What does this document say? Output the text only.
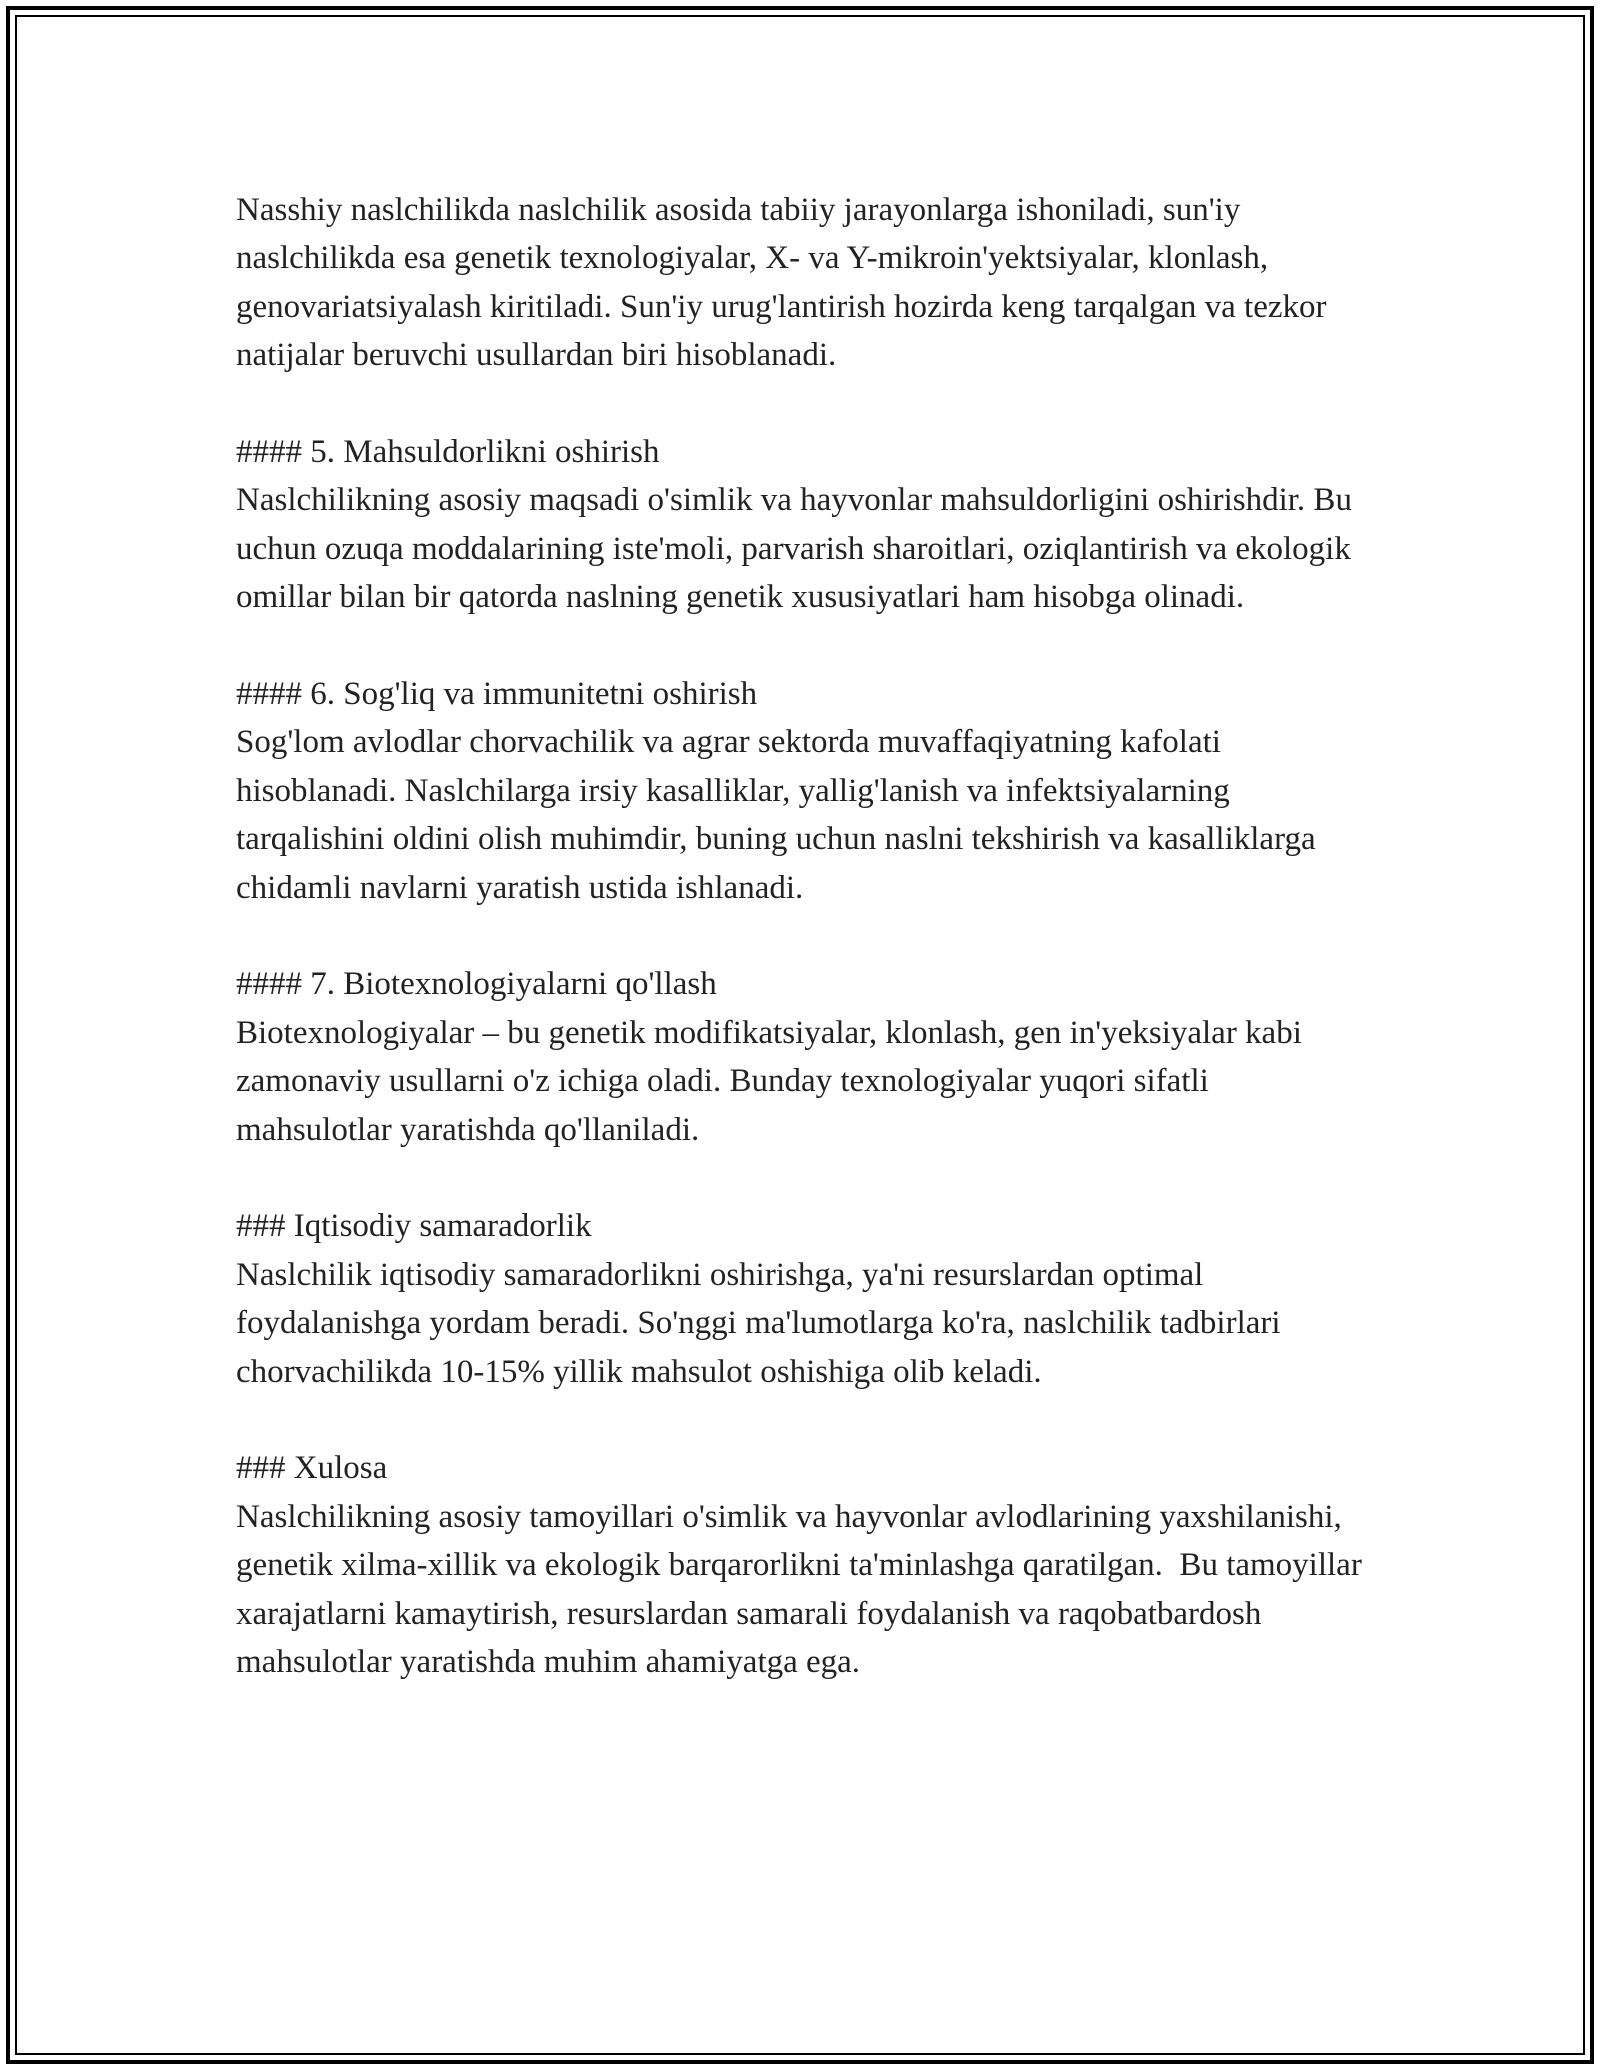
Nasshiy naslchilikda naslchilik asosida tabiiy jarayonlarga ishoniladi, sun'iy naslchilikda esa genetik texnologiyalar, X- va Y-mikroin'yektsiyalar, klonlash, genovariatsiyalash kiritiladi. Sun'iy urug'lantirish hozirda keng tarqalgan va tezkor natijalar beruvchi usullardan biri hisoblanadi.

#### 5. Mahsuldorlikni oshirish

Naslchilikning asosiy maqsadi o'simlik va hayvonlar mahsuldorligini oshirishdir. Bu uchun ozuqa moddalarining iste'moli, parvarish sharoitlari, oziqlantirish va ekologik omillar bilan bir qatorda naslning genetik xususiyatlari ham hisobga olinadi.

#### 6. Sog'liq va immunitetni oshirish

Sog'lom avlodlar chorvachilik va agrar sektorda muvaffaqiyatning kafolati hisoblanadi. Naslchilarga irsiy kasalliklar, yallig'lanish va infektsiyalarning tarqalishini oldini olish muhimdir, buning uchun naslni tekshirish va kasalliklarga chidamli navlarni yaratish ustida ishlanadi.

#### 7. Biotexnologiyalarni qo'llash

Biotexnologiyalar – bu genetik modifikatsiyalar, klonlash, gen in'yeksiyalar kabi zamonaviy usullarni o'z ichiga oladi. Bunday texnologiyalar yuqori sifatli mahsulotlar yaratishda qo'llaniladi.

### Iqtisodiy samaradorlik

Naslchilik iqtisodiy samaradorlikni oshirishga, ya'ni resurslardan optimal foydalanishga yordam beradi. So'nggi ma'lumotlarga ko'ra, naslchilik tadbirlari chorvachilikda 10-15% yillik mahsulot oshishiga olib keladi.

### Xulosa

Naslchilikning asosiy tamoyillari o'simlik va hayvonlar avlodlarining yaxshilanishi, genetik xilma-xillik va ekologik barqarorlikni ta'minlashga qaratilgan.  Bu tamoyillar xarajatlarni kamaytirish, resurslardan samarali foydalanish va raqobatbardosh mahsulotlar yaratishda muhim ahamiyatga ega.
